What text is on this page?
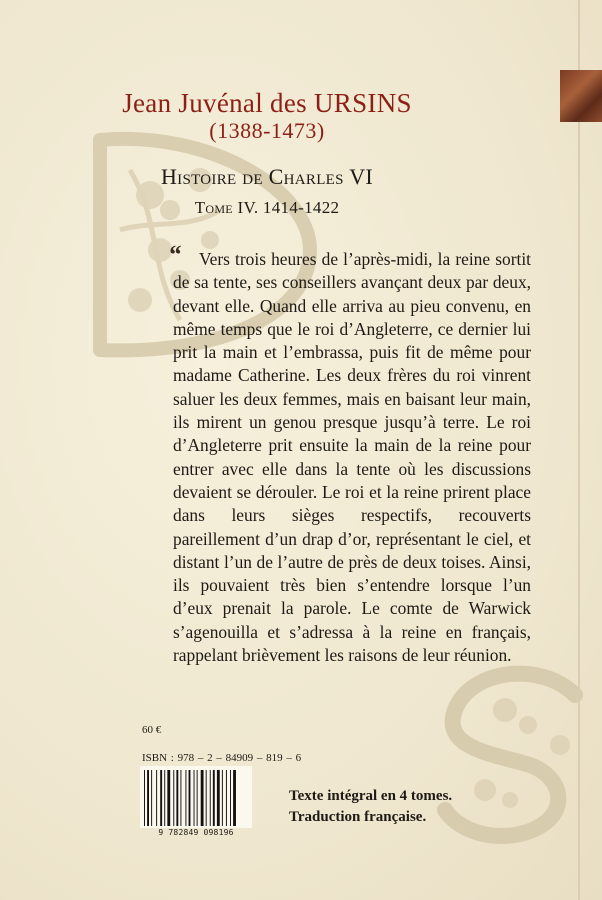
Jean Juvénal des URSINS
(1388-1473)
Histoire de Charles VI
Tome IV. 1414-1422
“	Vers trois heures de l’après-midi, la reine sortit de sa tente, ses conseillers avançant deux par deux, devant elle. Quand elle arriva au pieu convenu, en même temps que le roi d’Angleterre, ce dernier lui prit la main et l’embrassa, puis fit de même pour madame Catherine. Les deux frères du roi vinrent saluer les deux femmes, mais en baisant leur main, ils mirent un genou presque jusqu’à terre. Le roi d’Angleterre prit ensuite la main de la reine pour entrer avec elle dans la tente où les discussions devaient se dérouler. Le roi et la reine prirent place dans leurs sièges respectifs, recouverts pareillement d’un drap d’or, représentant le ciel, et distant l’un de l’autre de près de deux toises. Ainsi, ils pouvaient très bien s’entendre lorsque l’un d’eux prenait la parole. Le comte de Warwick s’agenouilla et s’adressa à la reine en français, rappelant brièvement les raisons de leur réunion.
60 €
ISBN : 978 – 2 – 84909 – 819 – 6
9 782849 098196
Texte intégral en 4 tomes.
Traduction française.
